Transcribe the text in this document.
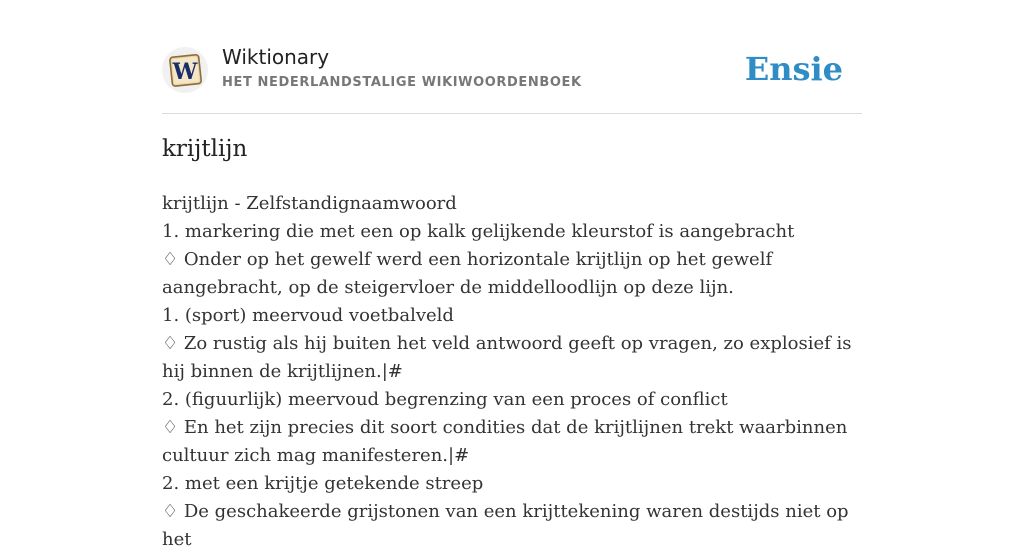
W
Wiktionary
HET NEDERLANDSTALIGE WIKIWOORDENBOEK	Ensie
krijtlijn

krijtlijn - Zelfstandignaamwoord

1. markering die met een op kalk gelijkende kleurstof is aangebracht

♢ Onder op het gewelf werd een horizontale krijtlijn op het gewelf aangebracht, op de steigervloer de middelloodlijn op deze lijn.

1. (sport) meervoud voetbalveld

♢ Zo rustig als hij buiten het veld antwoord geeft op vragen, zo explosief is hij binnen de krijtlijnen.|#

2. (figuurlijk) meervoud begrenzing van een proces of conflict

♢ En het zijn precies dit soort condities dat de krijtlijnen trekt waarbinnen cultuur zich mag manifesteren.|#

2. met een krijtje getekende streep

♢ De geschakeerde grijstonen van een krijttekening waren destijds niet op het
